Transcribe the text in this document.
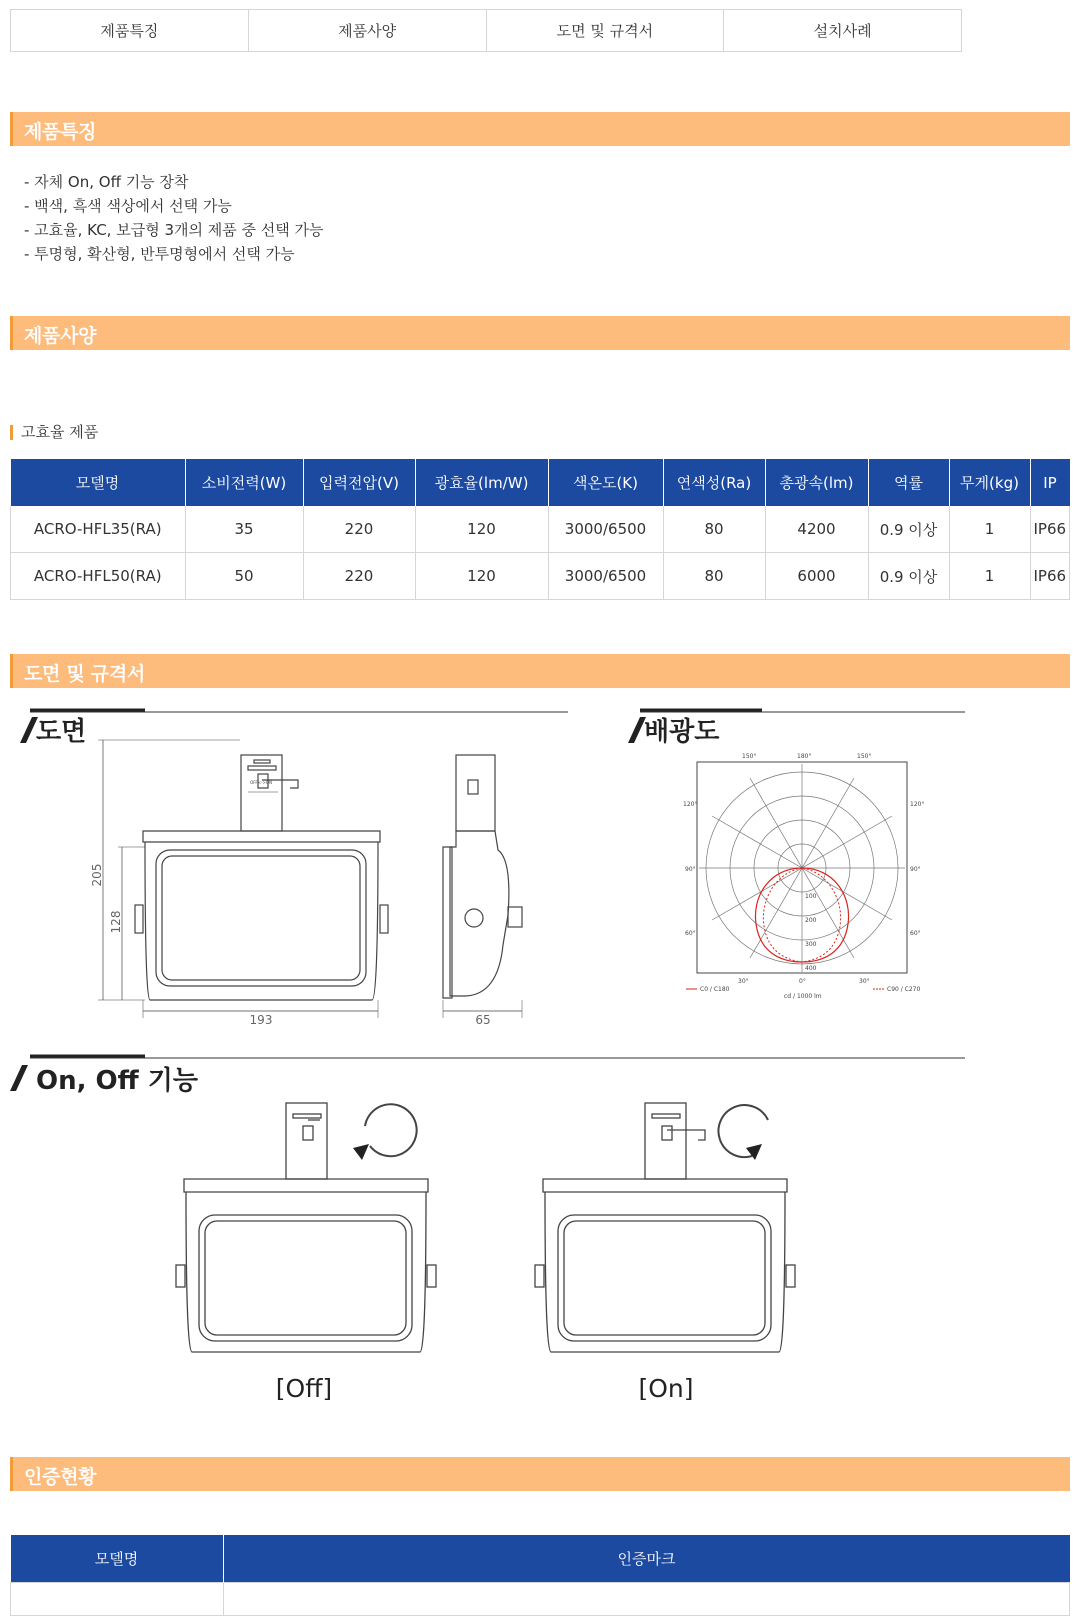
제품특징	제품사양	도면 및 규격서	설치사례
제품특징
- 자체 On, Off 기능 장착
- 백색, 흑색 색상에서 선택 가능
- 고효율, KC, 보급형 3개의 제품 중 선택 가능
- 투명형, 확산형, 반투명형에서 선택 가능
제품사양
고효율 제품
모델명	소비전력(W)	입력전압(V)	광효율(lm/W)	색온도(K)	연색성(Ra)	총광속(lm)	역률	무게(kg)	IP
ACRO-HFL35(RA)	35	220	120	3000/6500	80	4200	0.9 이상	1	IP66
ACRO-HFL50(RA)	50	220	120	3000/6500	80	6000	0.9 이상	1	IP66
도면 및 규격서
도면	배광도
205
128
193
OFF<->ON
65
150°	180°	150°
120°	120°
90°	90°
60°	60°
30°	0°	30°
100
200
300
400
C0 / C180	C90 / C270
cd / 1000 lm
On, Off 기능
[Off]	[On]
인증현황
모델명	인증마크
